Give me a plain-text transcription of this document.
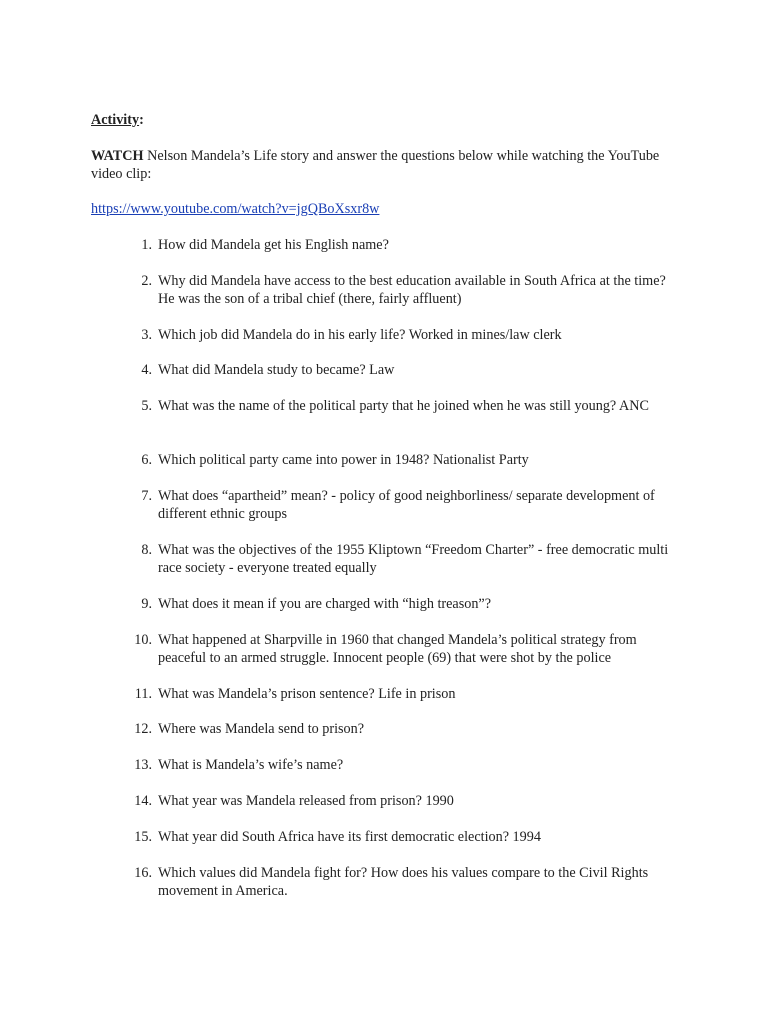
Activity:

WATCH Nelson Mandela’s Life story and answer the questions below while watching the YouTube video clip:

https://www.youtube.com/watch?v=jgQBoXsxr8w

1. How did Mandela get his English name?
2. Why did Mandela have access to the best education available in South Africa at the time? He was the son of a tribal chief (there, fairly affluent)
3. Which job did Mandela do in his early life? Worked in mines/law clerk
4. What did Mandela study to became? Law
5. What was the name of the political party that he joined when he was still young? ANC
6. Which political party came into power in 1948? Nationalist Party
7. What does “apartheid” mean? - policy of good neighborliness/ separate development of different ethnic groups
8. What was the objectives of the 1955 Kliptown “Freedom Charter” - free democratic multi race society - everyone treated equally
9. What does it mean if you are charged with “high treason”?
10. What happened at Sharpville in 1960 that changed Mandela’s political strategy from peaceful to an armed struggle. Innocent people (69) that were shot by the police
11. What was Mandela’s prison sentence? Life in prison
12. Where was Mandela send to prison?
13. What is Mandela’s wife’s name?
14. What year was Mandela released from prison? 1990
15. What year did South Africa have its first democratic election? 1994
16. Which values did Mandela fight for? How does his values compare to the Civil Rights movement in America.
